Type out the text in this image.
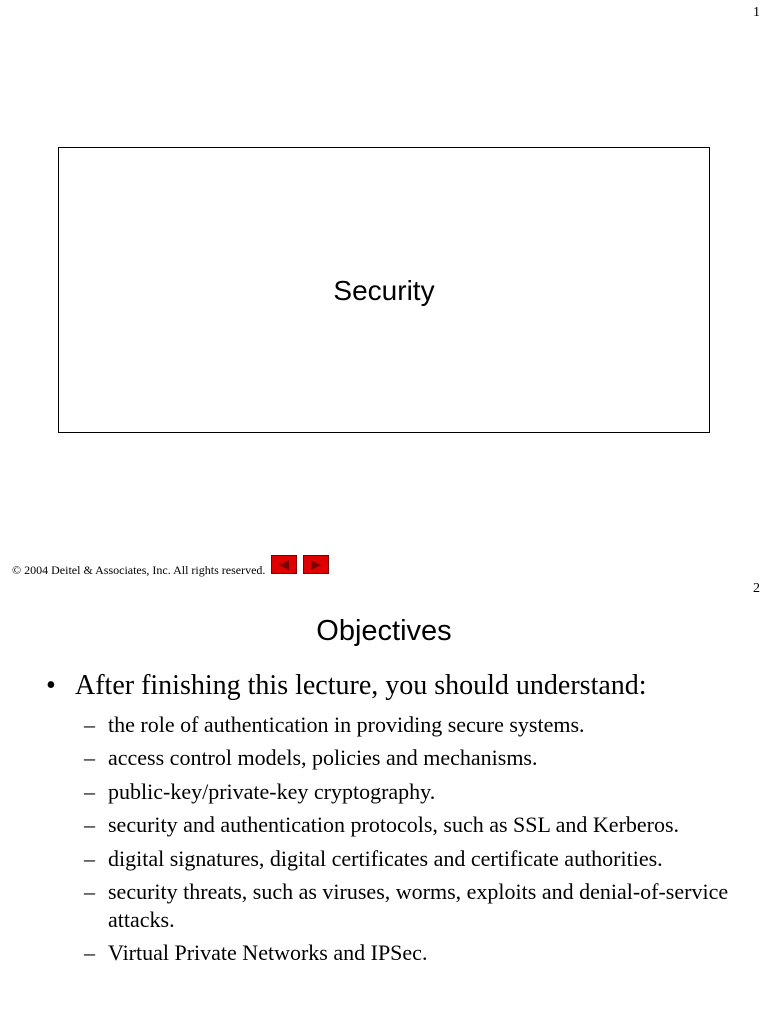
1
Security
© 2004 Deitel & Associates, Inc. All rights reserved.
2
Objectives
• After finishing this lecture, you should understand:
– the role of authentication in providing secure systems.
– access control models, policies and mechanisms.
– public-key/private-key cryptography.
– security and authentication protocols, such as SSL and Kerberos.
– digital signatures, digital certificates and certificate authorities.
– security threats, such as viruses, worms, exploits and denial-of-service attacks.
– Virtual Private Networks and IPSec.
